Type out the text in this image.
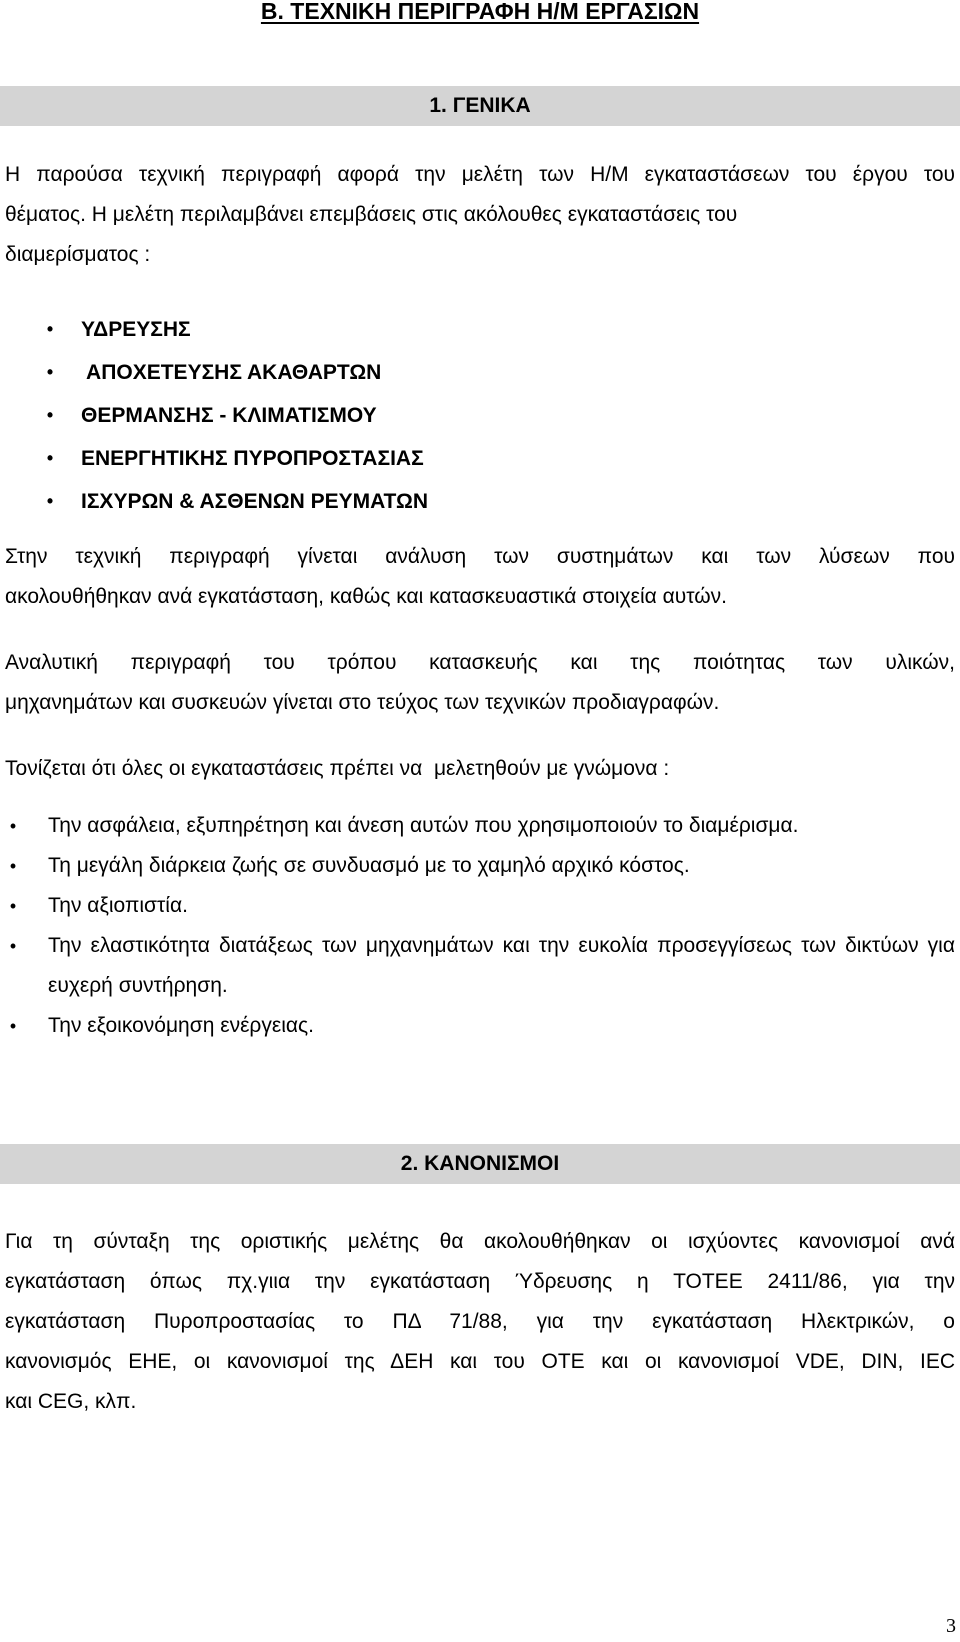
Β. ΤΕΧΝΙΚΗ ΠΕΡΙΓΡΑΦΗ Η/Μ ΕΡΓΑΣΙΩΝ
1. ΓΕΝΙΚΑ

Η παρούσα τεχνική περιγραφή αφορά την μελέτη των Η/Μ εγκαταστάσεων του έργου του
θέματος. Η μελέτη περιλαμβάνει επεμβάσεις στις ακόλουθες εγκαταστάσεις του
διαμερίσματος :

• ΥΔΡΕΥΣΗΣ
• ΑΠΟΧΕΤΕΥΣΗΣ ΑΚΑΘΑΡΤΩΝ
• ΘΕΡΜΑΝΣΗΣ - ΚΛΙΜΑΤΙΣΜΟΥ
• ΕΝΕΡΓΗΤΙΚΗΣ ΠΥΡΟΠΡΟΣΤΑΣΙΑΣ
• ΙΣΧΥΡΩΝ & ΑΣΘΕΝΩΝ ΡΕΥΜΑΤΩΝ

Στην τεχνική περιγραφή γίνεται ανάλυση των συστημάτων και των λύσεων που
ακολουθήθηκαν ανά εγκατάσταση, καθώς και κατασκευαστικά στοιχεία αυτών.

Αναλυτική περιγραφή του τρόπου κατασκευής και της ποιότητας των υλικών,
μηχανημάτων και συσκευών γίνεται στο τεύχος των τεχνικών προδιαγραφών.

Τονίζεται ότι όλες οι εγκαταστάσεις πρέπει να  μελετηθούν με γνώμονα :

• Την ασφάλεια, εξυπηρέτηση και άνεση αυτών που χρησιμοποιούν το διαμέρισμα.
• Τη μεγάλη διάρκεια ζωής σε συνδυασμό με το χαμηλό αρχικό κόστος.
• Την αξιοπιστία.
• Την ελαστικότητα διατάξεως των μηχανημάτων και την ευκολία προσεγγίσεως των δικτύων για ευχερή συντήρηση.
• Την εξοικονόμηση ενέργειας.
2. ΚΑΝΟΝΙΣΜΟΙ

Για τη σύνταξη της οριστικής μελέτης θα ακολουθήθηκαν οι ισχύοντες κανονισμοί ανά
εγκατάσταση όπως πχ.γιια την εγκατάσταση Ύδρευσης η ΤΟΤΕΕ 2411/86, για την
εγκατάσταση Πυροπροστασίας το ΠΔ 71/88, για την εγκατάσταση Ηλεκτρικών, ο
κανονισμός ΕΗΕ, οι κανονισμοί της ΔΕΗ και του ΟΤΕ και οι κανονισμοί VDE, DIN, IEC
και CEG, κλπ.

3
